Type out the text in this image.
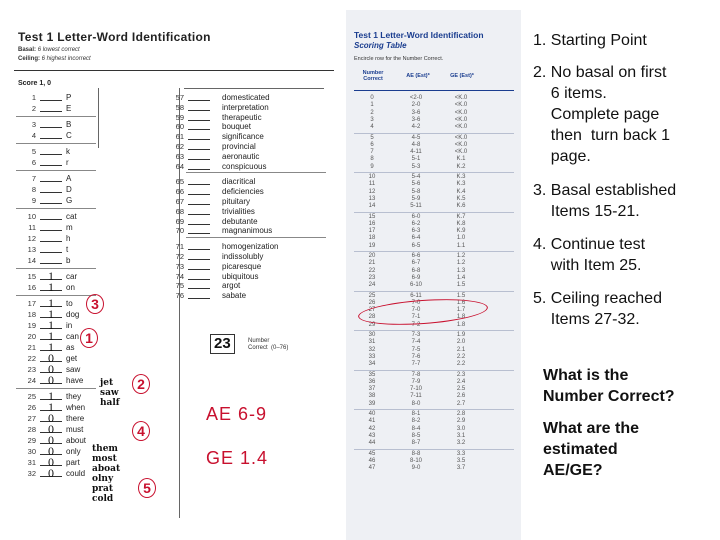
Test 1 Letter-Word Identification
Basal: 6 lowest correct
Ceiling: 6 highest incorrect
Score 1, 0
1	P
2	E
3	B
4	C
5	k
6	r
7	A
8	D
9	G
10	cat
11	m
12	h
13	t
14	b
15	1	car
16	1	on
17	1	to
18	1	dog
19	1	in
20	1	can
21	1	as
22	0	get
23	0	saw
24	0	have
25	1	they
26	1	when
27	0	there
28	0	must
29	0	about
30	0	only
31	0	part
32	0	could
57	domesticated
58	interpretation
59	therapeutic
60	bouquet
61	significance
62	provincial
63	aeronautic
64	conspicuous
65	diacritical
66	deficiencies
67	pituitary
68	trivialities
69	debutante
70	magnanimous
71	homogenization
72	indissolubly
73	picaresque
74	ubiquitous
75	argot
76	sabate
jet
saw
half
them
most
aboat
olny
prat
cold
3
1
2
4
5
23	Number
Correct  (0–76)
AE 6-9
GE 1.4
Test 1 Letter-Word Identification
Scoring Table
Encircle row for the Number Correct.
Number
Correct	AE (Est)*	GE (Est)*
0	<2-0	<K.0
1	2-0	<K.0
2	3-6	<K.0
3	3-6	<K.0
4	4-2	<K.0
5	4-5	<K.0
6	4-8	<K.0
7	4-11	<K.0
8	5-1	K.1
9	5-3	K.2
10	5-4	K.3
11	5-6	K.3
12	5-8	K.4
13	5-9	K.5
14	5-11	K.6
15	6-0	K.7
16	6-2	K.8
17	6-3	K.9
18	6-4	1.0
19	6-5	1.1
20	6-6	1.2
21	6-7	1.2
22	6-8	1.3
23	6-9	1.4
24	6-10	1.5
25	6-11	1.5
26	7-0	1.6
27	7-0	1.7
28	7-1	1.8
29	7-2	1.8
30	7-3	1.9
31	7-4	2.0
32	7-5	2.1
33	7-6	2.2
34	7-7	2.2
35	7-8	2.3
36	7-9	2.4
37	7-10	2.5
38	7-11	2.6
39	8-0	2.7
40	8-1	2.8
41	8-2	2.9
42	8-4	3.0
43	8-5	3.1
44	8-7	3.2
45	8-8	3.3
46	8-10	3.5
47	9-0	3.7
1. Starting Point
2. No basal on first
6 items.
Complete page
then  turn back 1
page.
3. Basal established
Items 15-21.
4. Continue test
with Item 25.
5. Ceiling reached
Items 27-32.
What is the
Number Correct?
What are the
estimated
AE/GE?
